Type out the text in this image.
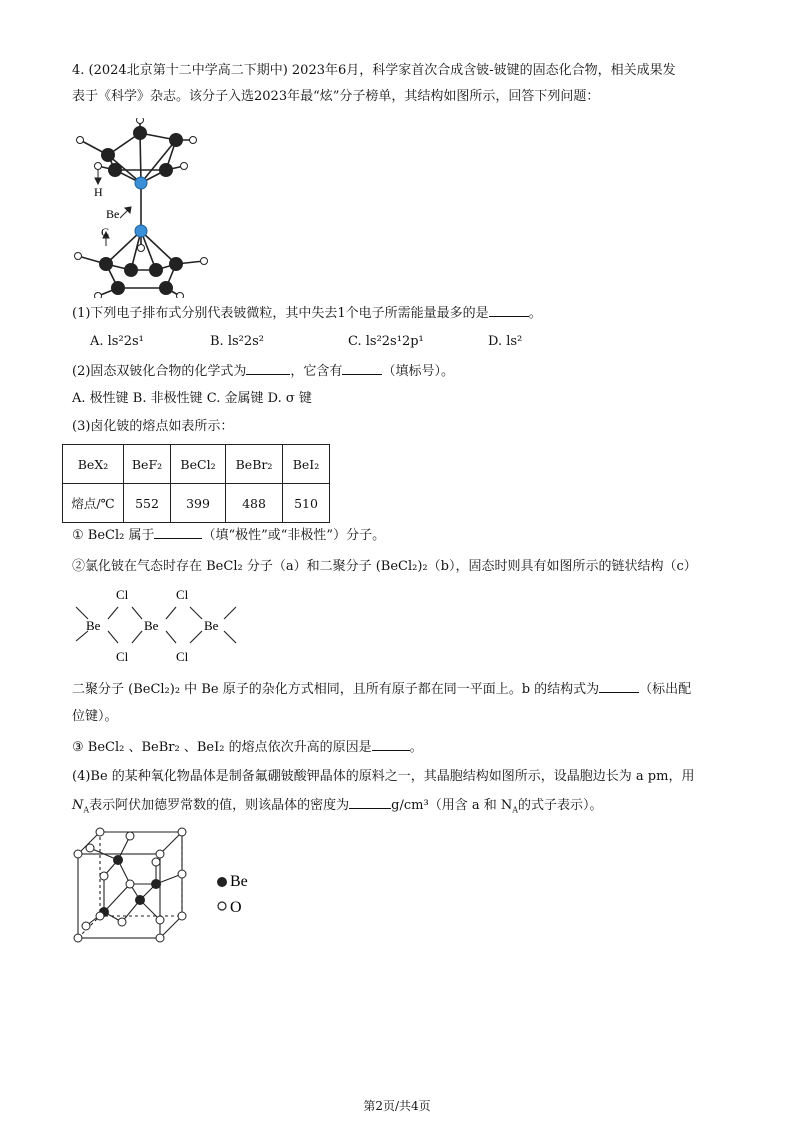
4. (2024北京第十二中学高二下期中) 2023年6月，科学家首次合成含铍-铍键的固态化合物，相关成果发
表于《科学》杂志。该分子入选2023年最“炫”分子榜单，其结构如图所示，回答下列问题：
H
Be
C
(1)下列电子排布式分别代表铍微粒，其中失去1个电子所需能量最多的是	。
A. ls²2s¹	B. ls²2s²	C. ls²2s¹2p¹	D. ls²
(2)固态双铍化合物的化学式为	，它含有	（填标号）。
A. 极性键 B. 非极性键 C. 金属键 D. σ 键
(3)卤化铍的熔点如表所示：
BeX₂	BeF₂	BeCl₂	BeBr₂	BeI₂
熔点/℃	552	399	488	510
① BeCl₂ 属于	（填“极性”或“非极性”）分子。
②氯化铍在气态时存在 BeCl₂ 分子（a）和二聚分子 (BeCl₂)₂（b），固态时则具有如图所示的链状结构（c）
Cl	Cl
Cl	Cl
Be	Be	Be
二聚分子 (BeCl₂)₂ 中 Be 原子的杂化方式相同，且所有原子都在同一平面上。b 的结构式为	（标出配
位键）。
③ BeCl₂ 、BeBr₂ 、BeI₂ 的熔点依次升高的原因是	。
(4)Be 的某种氧化物晶体是制备氟硼铍酸钾晶体的原料之一，其晶胞结构如图所示，设晶胞边长为 a pm，用
$N_A$表示阿伏加德罗常数的值，则该晶体的密度为	g/cm³（用含 a 和 $N_A$的式子表示）。
Be
O
第2页/共4页
